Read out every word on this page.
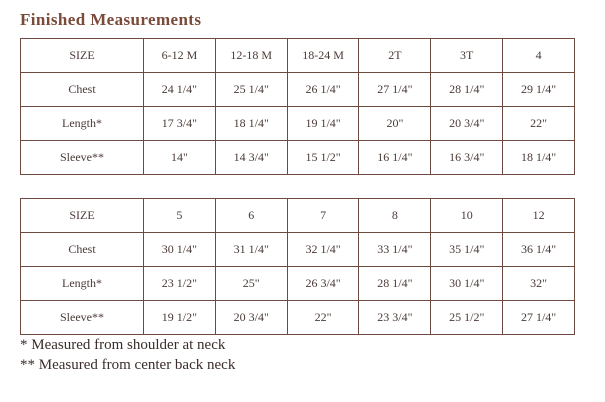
Finished Measurements
SIZE	6-12 M	12-18 M	18-24 M	2T	3T	4
Chest	24 1/4"	25 1/4"	26 1/4"	27 1/4"	28 1/4"	29 1/4"
Length*	17 3/4"	18 1/4"	19 1/4"	20"	20 3/4"	22"
Sleeve**	14"	14 3/4"	15 1/2"	16 1/4"	16 3/4"	18 1/4"
SIZE	5	6	7	8	10	12
Chest	30 1/4"	31 1/4"	32 1/4"	33 1/4"	35 1/4"	36 1/4"
Length*	23 1/2"	25"	26 3/4"	28 1/4"	30 1/4"	32"
Sleeve**	19 1/2"	20 3/4"	22"	23 3/4"	25 1/2"	27 1/4"
* Measured from shoulder at neck
** Measured from center back neck
